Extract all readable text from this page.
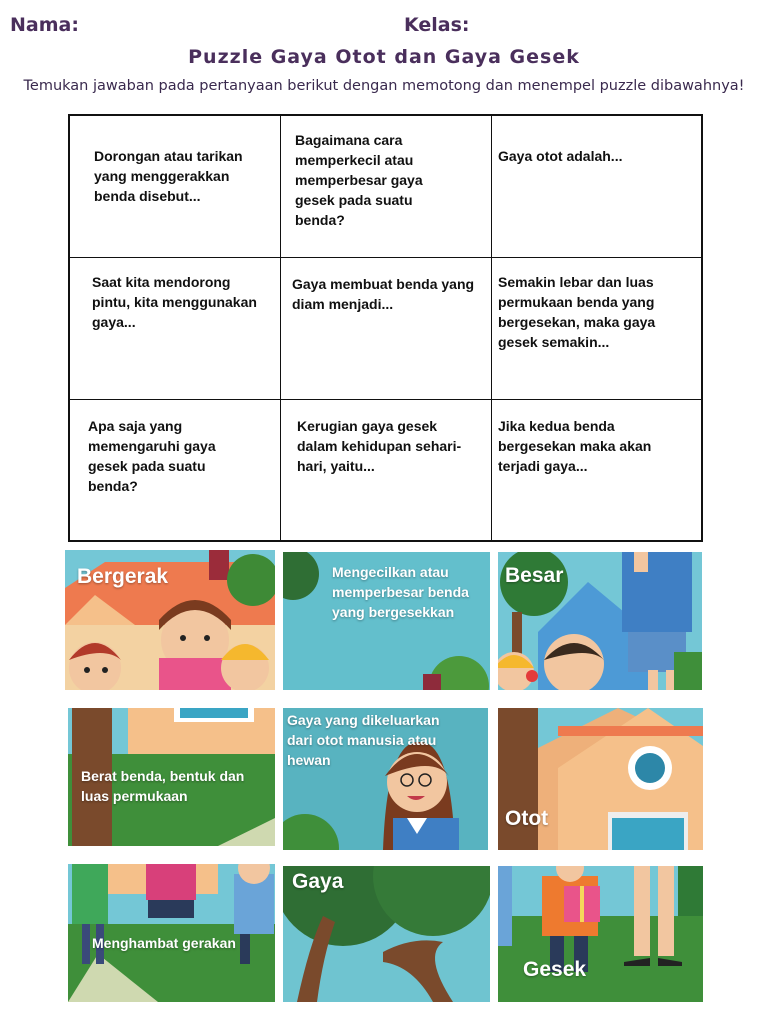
Nama:	Kelas:
Puzzle Gaya Otot dan Gaya Gesek
Temukan jawaban pada pertanyaan berikut dengan memotong dan menempel puzzle dibawahnya!
Dorongan atau tarikan yang menggerakkan benda disebut...
Bagaimana cara memperkecil atau memperbesar gaya gesek pada suatu benda?
Gaya otot adalah...
Saat kita mendorong pintu, kita menggunakan gaya...
Gaya membuat benda yang diam menjadi...
Semakin lebar dan luas permukaan benda yang bergesekan, maka gaya gesek semakin...
Apa saja yang memengaruhi gaya gesek pada suatu benda?
Kerugian gaya gesek dalam kehidupan sehari-hari, yaitu...
Jika kedua benda bergesekan maka akan terjadi gaya...
Bergerak	Mengecilkan atau memperbesar benda yang bergesekkan
Besar
Berat benda, bentuk dan luas permukaan
Gaya yang dikeluarkan dari otot manusia atau hewan
Otot
Menghambat gerakan
Gaya
Gesek
